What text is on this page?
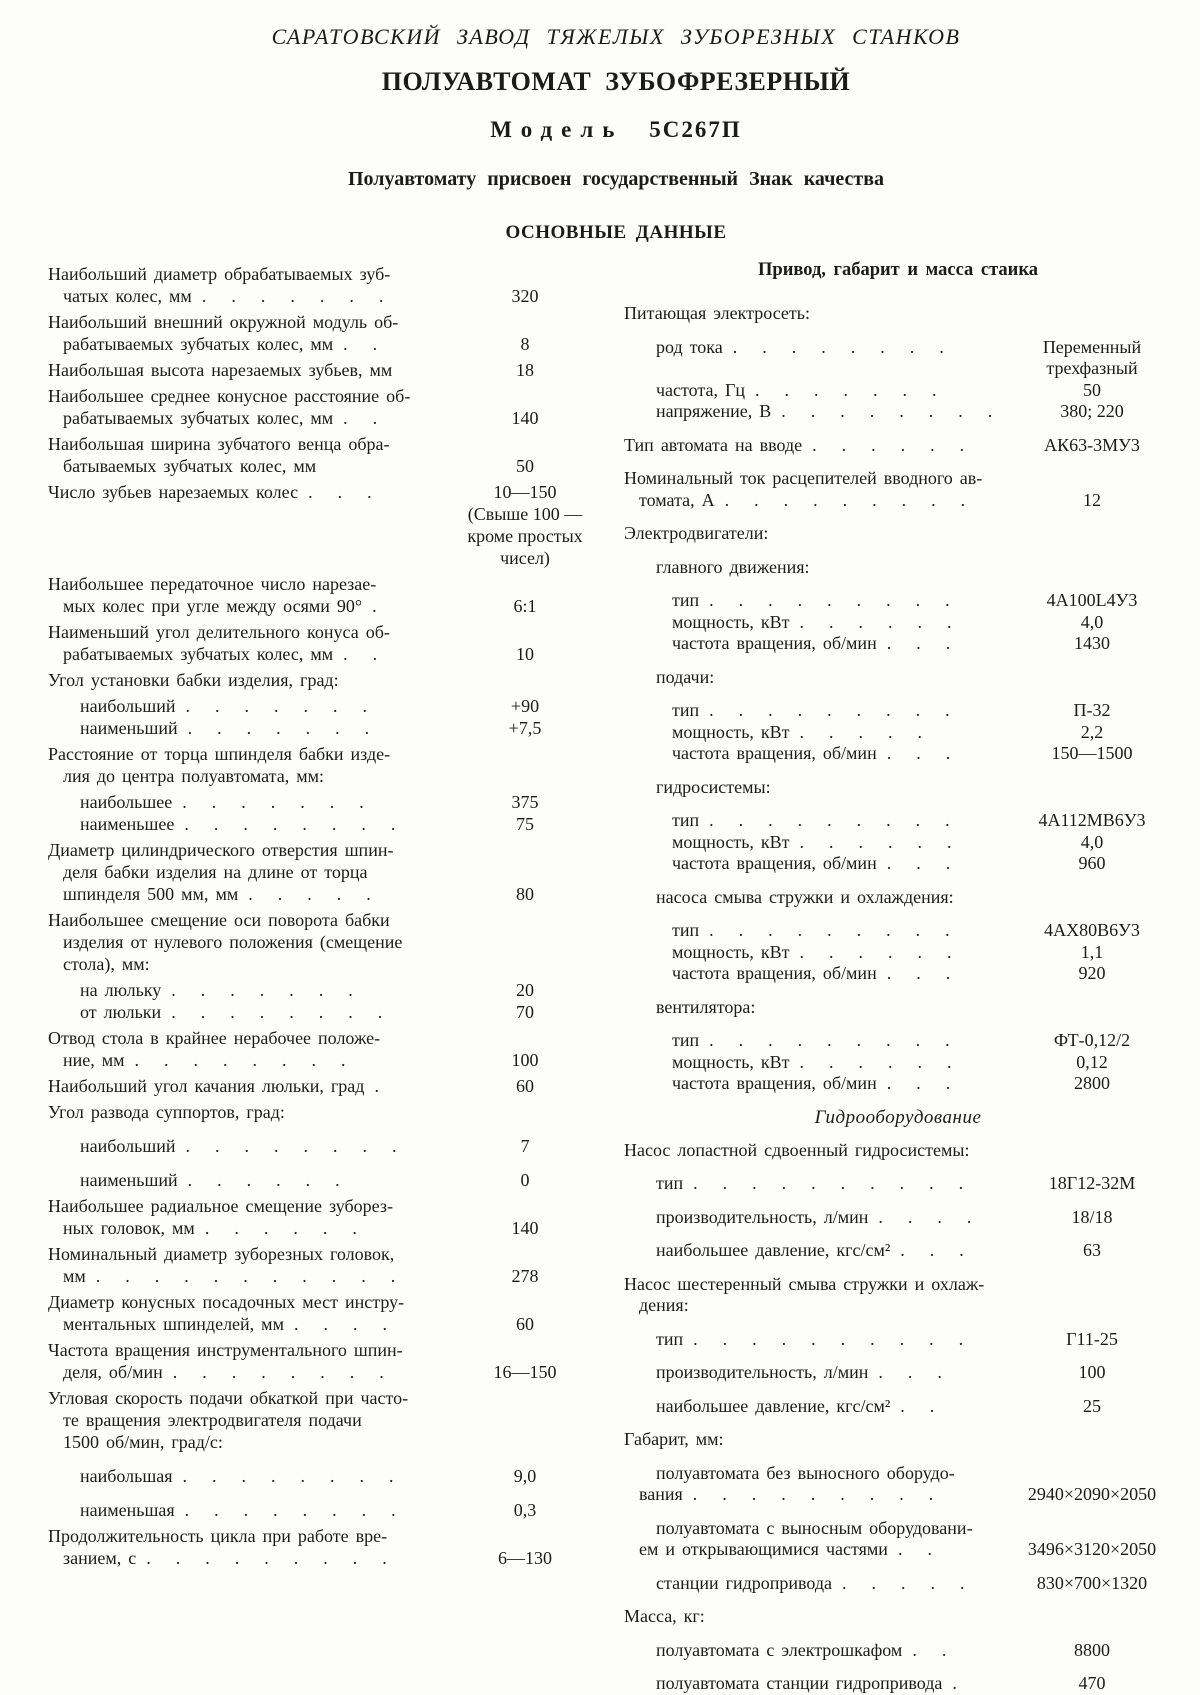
САРАТОВСКИЙ ЗАВОД ТЯЖЕЛЫХ ЗУБОРЕЗНЫХ СТАНКОВ
ПОЛУАВТОМАТ ЗУБОФРЕЗЕРНЫЙ
Модель 5С267П
Полуавтомату присвоен государственный Знак качества
ОСНОВНЫЕ ДАННЫЕ
Наибольший диаметр обрабатываемых зуб-
чатых колес, мм .  .  .  .  .  .  .	320
Наибольший внешний окружной модуль об-
рабатываемых зубчатых колес, мм .  .	8
Наибольшая высота нарезаемых зубьев, мм	18
Наибольшее среднее конусное расстояние об-
рабатываемых зубчатых колес, мм .  .	140
Наибольшая ширина зубчатого венца обра-
батываемых зубчатых колес, мм	50
Число зубьев нарезаемых колес .  .  .	10—150
(Свыше 100 —
кроме простых
чисел)
Наибольшее передаточное число нарезае-
мых колес при угле между осями 90° .	6:1
Наименьший угол делительного конуса об-
рабатываемых зубчатых колес, мм .  .	10
Угол установки бабки изделия, град:
наибольший .  .  .  .  .  .  .	+90
наименьший .  .  .  .  .  .  .	+7,5
Расстояние от торца шпинделя бабки изде-
лия до центра полуавтомата, мм:
наибольшее .  .  .  .  .  .  .	375
наименьшее .  .  .  .  .  .  .  .	75
Диаметр цилиндрического отверстия шпин-
деля бабки изделия на длине от торца
шпинделя 500 мм, мм .  .  .  .  .	80
Наибольшее смещение оси поворота бабки
изделия от нулевого положения (смещение
стола), мм:
на люльку .  .  .  .  .  .  .	20
от люльки .  .  .  .  .  .  .  .	70
Отвод стола в крайнее нерабочее положе-
ние, мм .  .  .  .  .  .  .  .	100
Наибольший угол качания люльки, град .	60
Угол развода суппортов, град:
наибольший .  .  .  .  .  .  .  .	7
наименьший .  .  .  .  .  .	0
Наибольшее радиальное смещение зуборез-
ных головок, мм .  .  .  .  .  .	140
Номинальный диаметр зуборезных головок,
мм .  .  .  .  .  .  .  .  .  .  .	278
Диаметр конусных посадочных мест инстру-
ментальных шпинделей, мм .  .  .  .	60
Частота вращения инструментального шпин-
деля, об/мин .  .  .  .  .  .  .  .	16—150
Угловая скорость подачи обкаткой при часто-
те вращения электродвигателя подачи
1500 об/мин, град/с:
наибольшая .  .  .  .  .  .  .  .	9,0
наименьшая .  .  .  .  .  .  .  .	0,3
Продолжительность цикла при работе вре-
занием, с .  .  .  .  .  .  .  .  .	6—130
Привод, габарит и масса стаика
Питающая электросеть:
род тока .  .  .  .  .  .  .  .	Переменный
трехфазный
частота, Гц .  .  .  .  .  .  .	50
напряжение, В .  .  .  .  .  .  .  .	380; 220
Тип автомата на вводе .  .  .  .  .  .	АК63-3МУ3
Номинальный ток расцепителей вводного ав-
томата, А .  .  .  .  .  .  .  .  .	12
Электродвигатели:
главного движения:
тип .  .  .  .  .  .  .  .  .	4А100L4У3
мощность, кВт .  .  .  .  .  .	4,0
частота вращения, об/мин .  .  .	1430
подачи:
тип .  .  .  .  .  .  .  .  .	П-32
мощность, кВт .  .  .  .  .	2,2
частота вращения, об/мин .  .  .	150—1500
гидросистемы:
тип .  .  .  .  .  .  .  .  .	4А112МВ6У3
мощность, кВт .  .  .  .  .  .	4,0
частота вращения, об/мин .  .  .	960
насоса смыва стружки и охлаждения:
тип .  .  .  .  .  .  .  .  .	4АХ80В6У3
мощность, кВт .  .  .  .  .  .	1,1
частота вращения, об/мин .  .  .	920
вентилятора:
тип .  .  .  .  .  .  .  .  .	ФТ-0,12/2
мощность, кВт .  .  .  .  .  .	0,12
частота вращения, об/мин .  .  .	2800
Гидрооборудование
Насос лопастной сдвоенный гидросистемы:
тип .  .  .  .  .  .  .  .  .  .	18Г12-32М
производительность, л/мин .  .  .  .	18/18
наибольшее давление, кгс/см² .  .  .	63
Насос шестеренный смыва стружки и охлаж-
дения:
тип .  .  .  .  .  .  .  .  .  .	Г11-25
производительность, л/мин .  .  .	100
наибольшее давление, кгс/см² .  .	25
Габарит, мм:
полуавтомата без выносного оборудо-
вания .  .  .  .  .  .  .  .  .	2940×2090×2050
полуавтомата с выносным оборудовани-
ем и открывающимися частями .  .	3496×3120×2050
станции гидропривода .  .  .  .  .	830×700×1320
Масса, кг:
полуавтомата с электрошкафом .  .	8800
полуавтомата станции гидропривода .	470
